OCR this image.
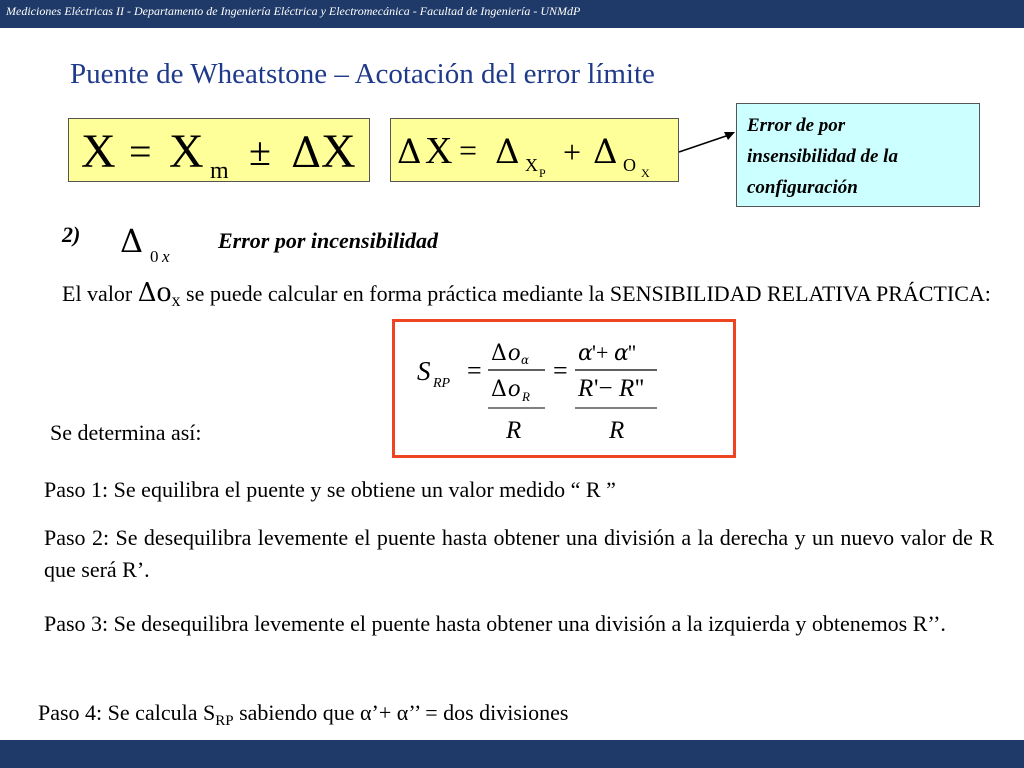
Mediciones Eléctricas II - Departamento de Ingeniería Eléctrica y Electromecánica - Facultad de Ingeniería - UNMdP
Puente de Wheatstone – Acotación del error límite
X = X m ± Δ X Δ X = Δ X P
+ Δ O X
Error de por
insensibilidad de la
configuración
2) Δ 0 x
Error por incensibilidad
El valor Δox se puede calcular en forma práctica mediante la SENSIBILIDAD RELATIVA PRÁCTICA:
S RP =
Δ o α
Δ o R
R
=
α '+ α ''
R '− R ''
R
Se determina así:
Paso 1: Se equilibra el puente y se obtiene un valor medido “ R ”
Paso 2: Se desequilibra levemente el puente hasta obtener una división a la derecha y un nuevo valor de R que será R’.
Paso 3: Se desequilibra levemente el puente hasta obtener una división a la izquierda y obtenemos R’’.
Paso 4: Se calcula $S_{RP}$ sabiendo que α’+ α’’ = dos divisiones
